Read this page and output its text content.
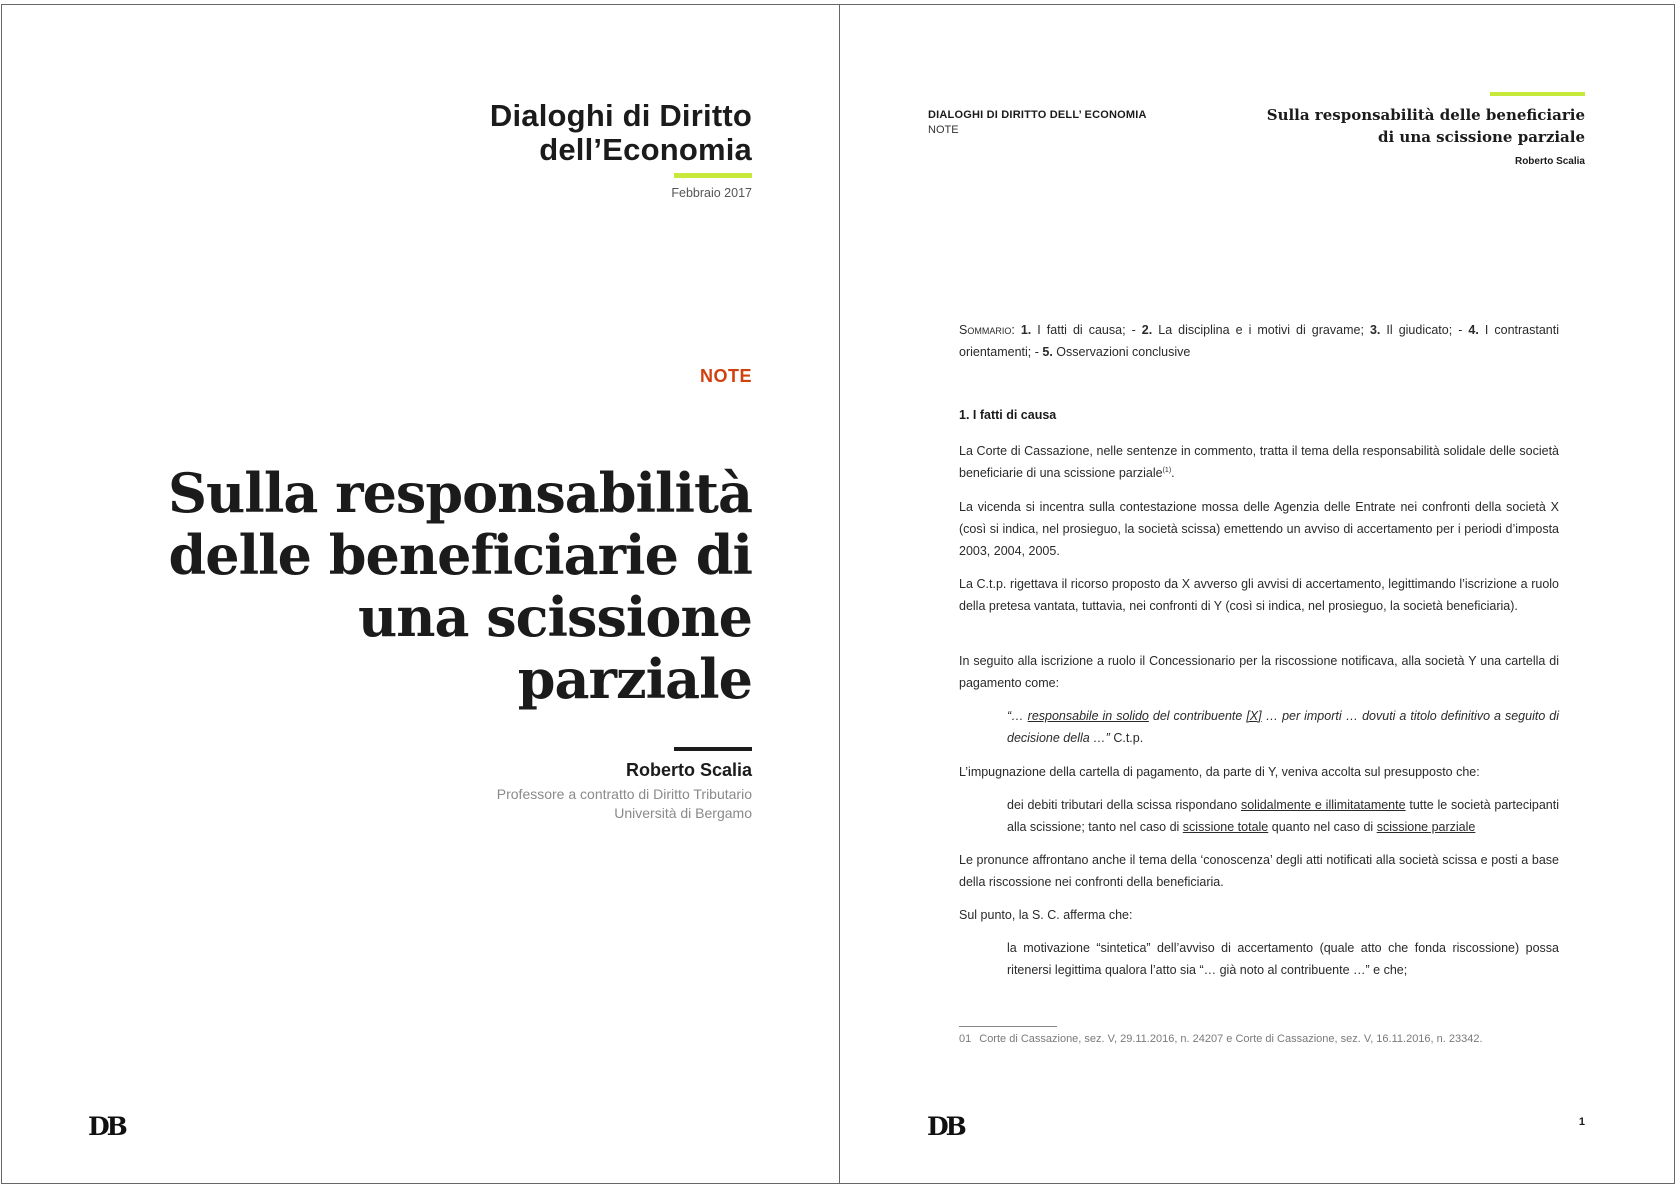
Dialoghi di Diritto
dell’Economia
Febbraio 2017
NOTE
Sulla responsabilità
delle beneficiarie di
una scissione parziale
Roberto Scalia
Professore a contratto di Diritto Tributario
Università di Bergamo
DB
DIALOGHI DI DIRITTO DELL’ ECONOMIA
NOTE
Sulla responsabilità delle beneficiarie
di una scissione parziale
Roberto Scalia
Sommario: 1. I fatti di causa; - 2. La disciplina e i motivi di gravame; 3. Il giudicato; - 4. I contrastanti orientamenti; - 5. Osservazioni conclusive
1. I fatti di causa
La Corte di Cassazione, nelle sentenze in commento, tratta il tema della responsabilità solidale delle società beneficiarie di una scissione parziale$^{(1)}$.
La vicenda si incentra sulla contestazione mossa delle Agenzia delle Entrate nei confronti della società X (così si indica, nel prosieguo, la società scissa) emettendo un avviso di accertamento per i periodi d’imposta 2003, 2004, 2005.
La C.t.p. rigettava il ricorso proposto da X avverso gli avvisi di accertamento, legittimando l’iscrizione a ruolo della pretesa vantata, tuttavia, nei confronti di Y (così si indica, nel prosieguo, la società beneficiaria).
In seguito alla iscrizione a ruolo il Concessionario per la riscossione notificava, alla società Y una cartella di pagamento come:
“… responsabile in solido del contribuente [X] … per importi … dovuti a titolo definitivo a seguito di decisione della …” C.t.p.
L’impugnazione della cartella di pagamento, da parte di Y, veniva accolta sul presupposto che:
dei debiti tributari della scissa rispondano solidalmente e illimitatamente tutte le società partecipanti alla scissione; tanto nel caso di scissione totale quanto nel caso di scissione parziale
Le pronunce affrontano anche il tema della ‘conoscenza’ degli atti notificati alla società scissa e posti a base della riscossione nei confronti della beneficiaria.
Sul punto, la S. C. afferma che:
la motivazione “sintetica” dell’avviso di accertamento (quale atto che fonda riscossione) possa ritenersi legittima qualora l’atto sia “… già noto al contribuente …” e che;
01 Corte di Cassazione, sez. V, 29.11.2016, n. 24207 e Corte di Cassazione, sez. V, 16.11.2016, n. 23342.
DB	1
